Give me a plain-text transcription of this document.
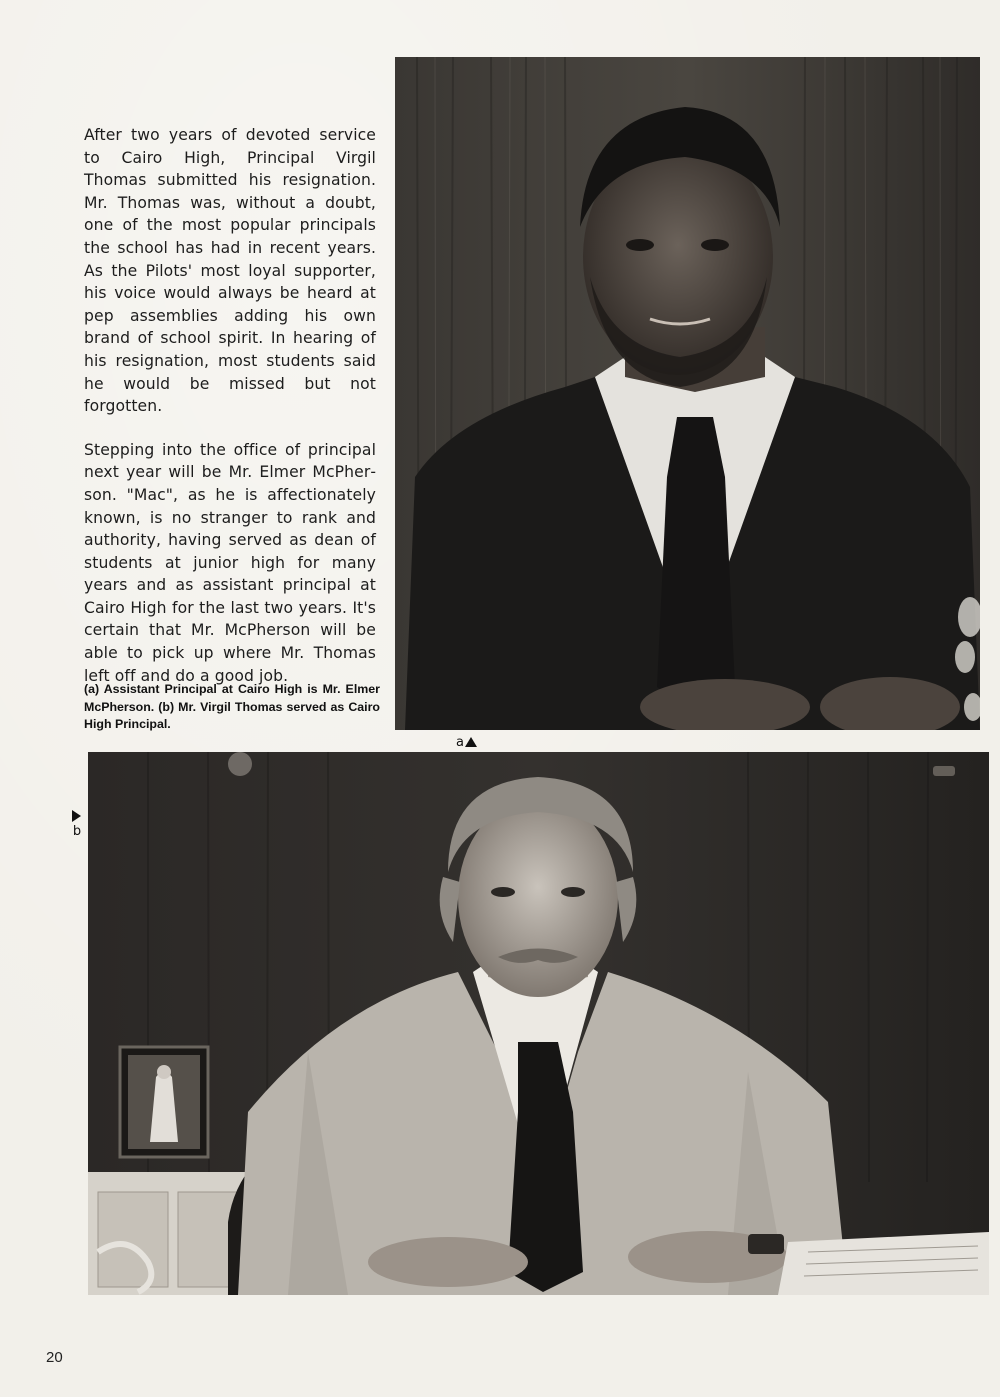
After two years of devoted service to Cairo High, Principal Virgil Thomas submitted his resignation. Mr. Thomas was, without a doubt, one of the most popular principals the school has had in recent years. As the Pilots' most loyal supporter, his voice would always be heard at pep assemblies adding his own brand of school spirit. In hearing of his resignation, most students said he would be missed but not forgotten.

Stepping into the office of principal next year will be Mr. Elmer McPherson. "Mac", as he is affectionately known, is no stranger to rank and authority, having served as dean of students at junior high for many years and as assistant principal at Cairo High for the last two years. It's certain that Mr. McPherson will be able to pick up where Mr. Thomas left off and do a good job.

(a) Assistant Principal at Cairo High is Mr. Elmer McPherson. (b) Mr. Virgil Thomas served as Cairo High Principal.
a
b
20
